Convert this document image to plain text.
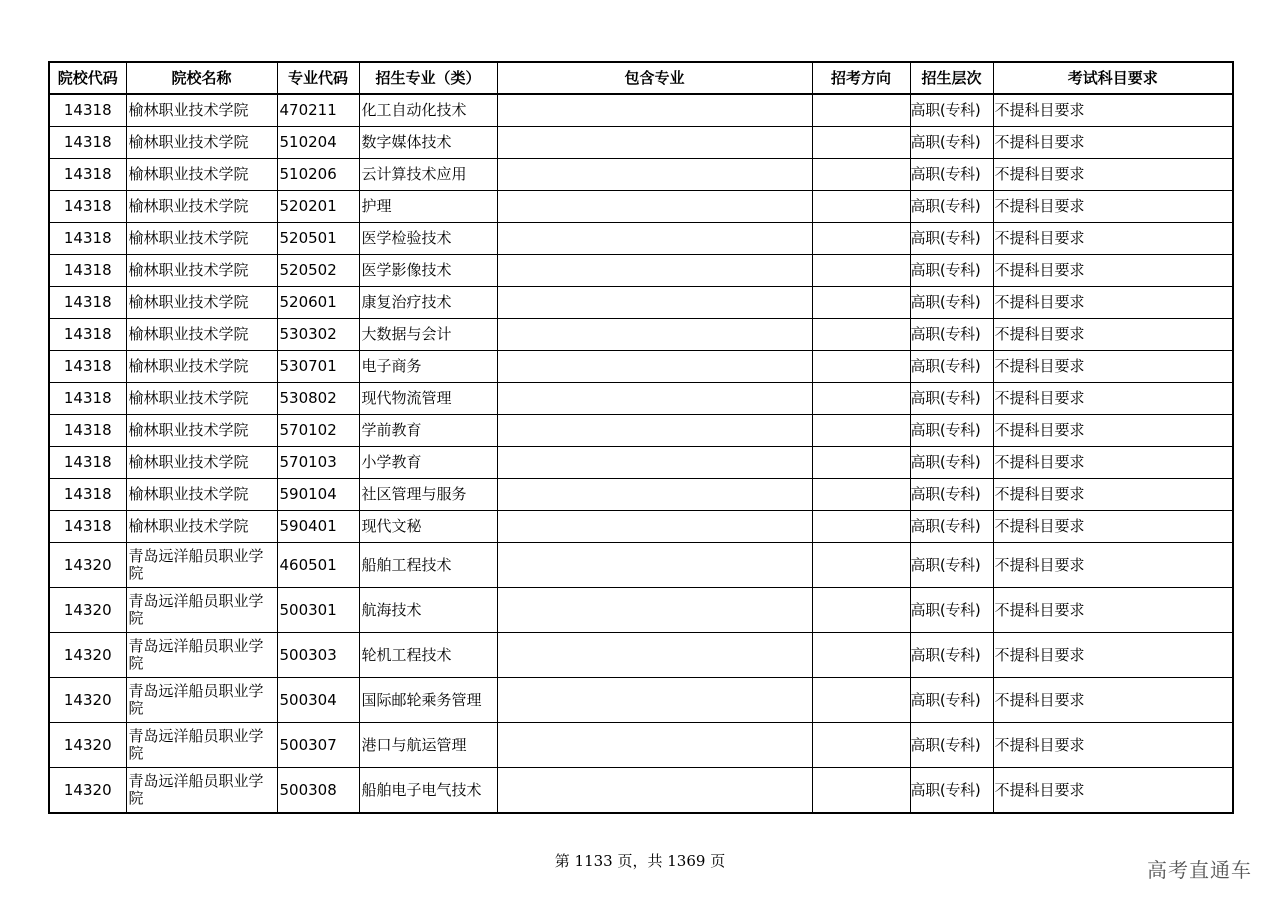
院校代码	院校名称	专业代码	招生专业（类）	包含专业	招考方向	招生层次	考试科目要求
14318	榆林职业技术学院	470211	化工自动化技术			高职(专科)	不提科目要求
14318	榆林职业技术学院	510204	数字媒体技术			高职(专科)	不提科目要求
14318	榆林职业技术学院	510206	云计算技术应用			高职(专科)	不提科目要求
14318	榆林职业技术学院	520201	护理			高职(专科)	不提科目要求
14318	榆林职业技术学院	520501	医学检验技术			高职(专科)	不提科目要求
14318	榆林职业技术学院	520502	医学影像技术			高职(专科)	不提科目要求
14318	榆林职业技术学院	520601	康复治疗技术			高职(专科)	不提科目要求
14318	榆林职业技术学院	530302	大数据与会计			高职(专科)	不提科目要求
14318	榆林职业技术学院	530701	电子商务			高职(专科)	不提科目要求
14318	榆林职业技术学院	530802	现代物流管理			高职(专科)	不提科目要求
14318	榆林职业技术学院	570102	学前教育			高职(专科)	不提科目要求
14318	榆林职业技术学院	570103	小学教育			高职(专科)	不提科目要求
14318	榆林职业技术学院	590104	社区管理与服务			高职(专科)	不提科目要求
14318	榆林职业技术学院	590401	现代文秘			高职(专科)	不提科目要求
14320	青岛远洋船员职业学院	460501	船舶工程技术			高职(专科)	不提科目要求
14320	青岛远洋船员职业学院	500301	航海技术			高职(专科)	不提科目要求
14320	青岛远洋船员职业学院	500303	轮机工程技术			高职(专科)	不提科目要求
14320	青岛远洋船员职业学院	500304	国际邮轮乘务管理			高职(专科)	不提科目要求
14320	青岛远洋船员职业学院	500307	港口与航运管理			高职(专科)	不提科目要求
14320	青岛远洋船员职业学院	500308	船舶电子电气技术			高职(专科)	不提科目要求
第 1133 页，共 1369 页	高考直通车
